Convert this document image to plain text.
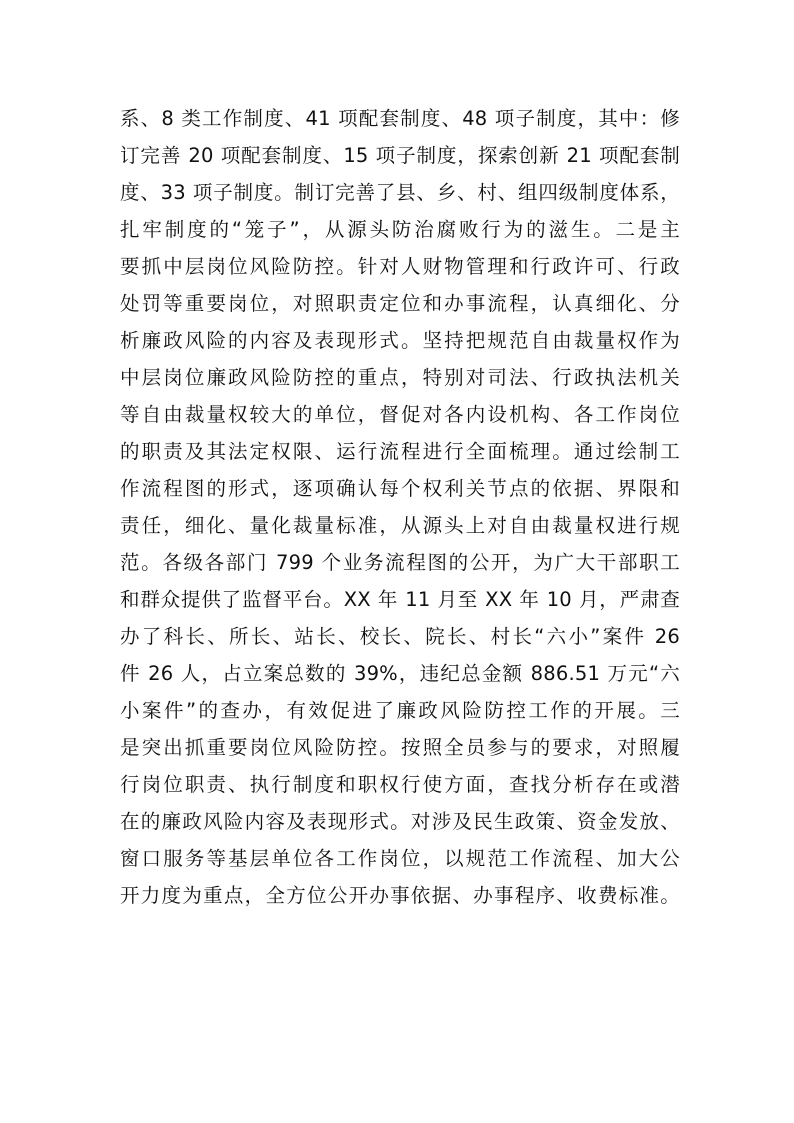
系、8 类工作制度、41 项配套制度、48 项子制度，其中：修
订完善 20 项配套制度、15 项子制度，探索创新 21 项配套制
度、33 项子制度。制订完善了县、乡、村、组四级制度体系，
扎牢制度的“笼子”，从源头防治腐败行为的滋生。二是主
要抓中层岗位风险防控。针对人财物管理和行政许可、行政
处罚等重要岗位，对照职责定位和办事流程，认真细化、分
析廉政风险的内容及表现形式。坚持把规范自由裁量权作为
中层岗位廉政风险防控的重点，特别对司法、行政执法机关
等自由裁量权较大的单位，督促对各内设机构、各工作岗位
的职责及其法定权限、运行流程进行全面梳理。通过绘制工
作流程图的形式，逐项确认每个权利关节点的依据、界限和
责任，细化、量化裁量标准，从源头上对自由裁量权进行规
范。各级各部门 799 个业务流程图的公开，为广大干部职工
和群众提供了监督平台。XX 年 11 月至 XX 年 10 月，严肃查
办了科长、所长、站长、校长、院长、村长“六小”案件 26
件 26 人，占立案总数的 39%，违纪总金额 886.51 万元“六
小案件”的查办，有效促进了廉政风险防控工作的开展。三
是突出抓重要岗位风险防控。按照全员参与的要求，对照履
行岗位职责、执行制度和职权行使方面，查找分析存在或潜
在的廉政风险内容及表现形式。对涉及民生政策、资金发放、
窗口服务等基层单位各工作岗位，以规范工作流程、加大公
开力度为重点，全方位公开办事依据、办事程序、收费标准。
